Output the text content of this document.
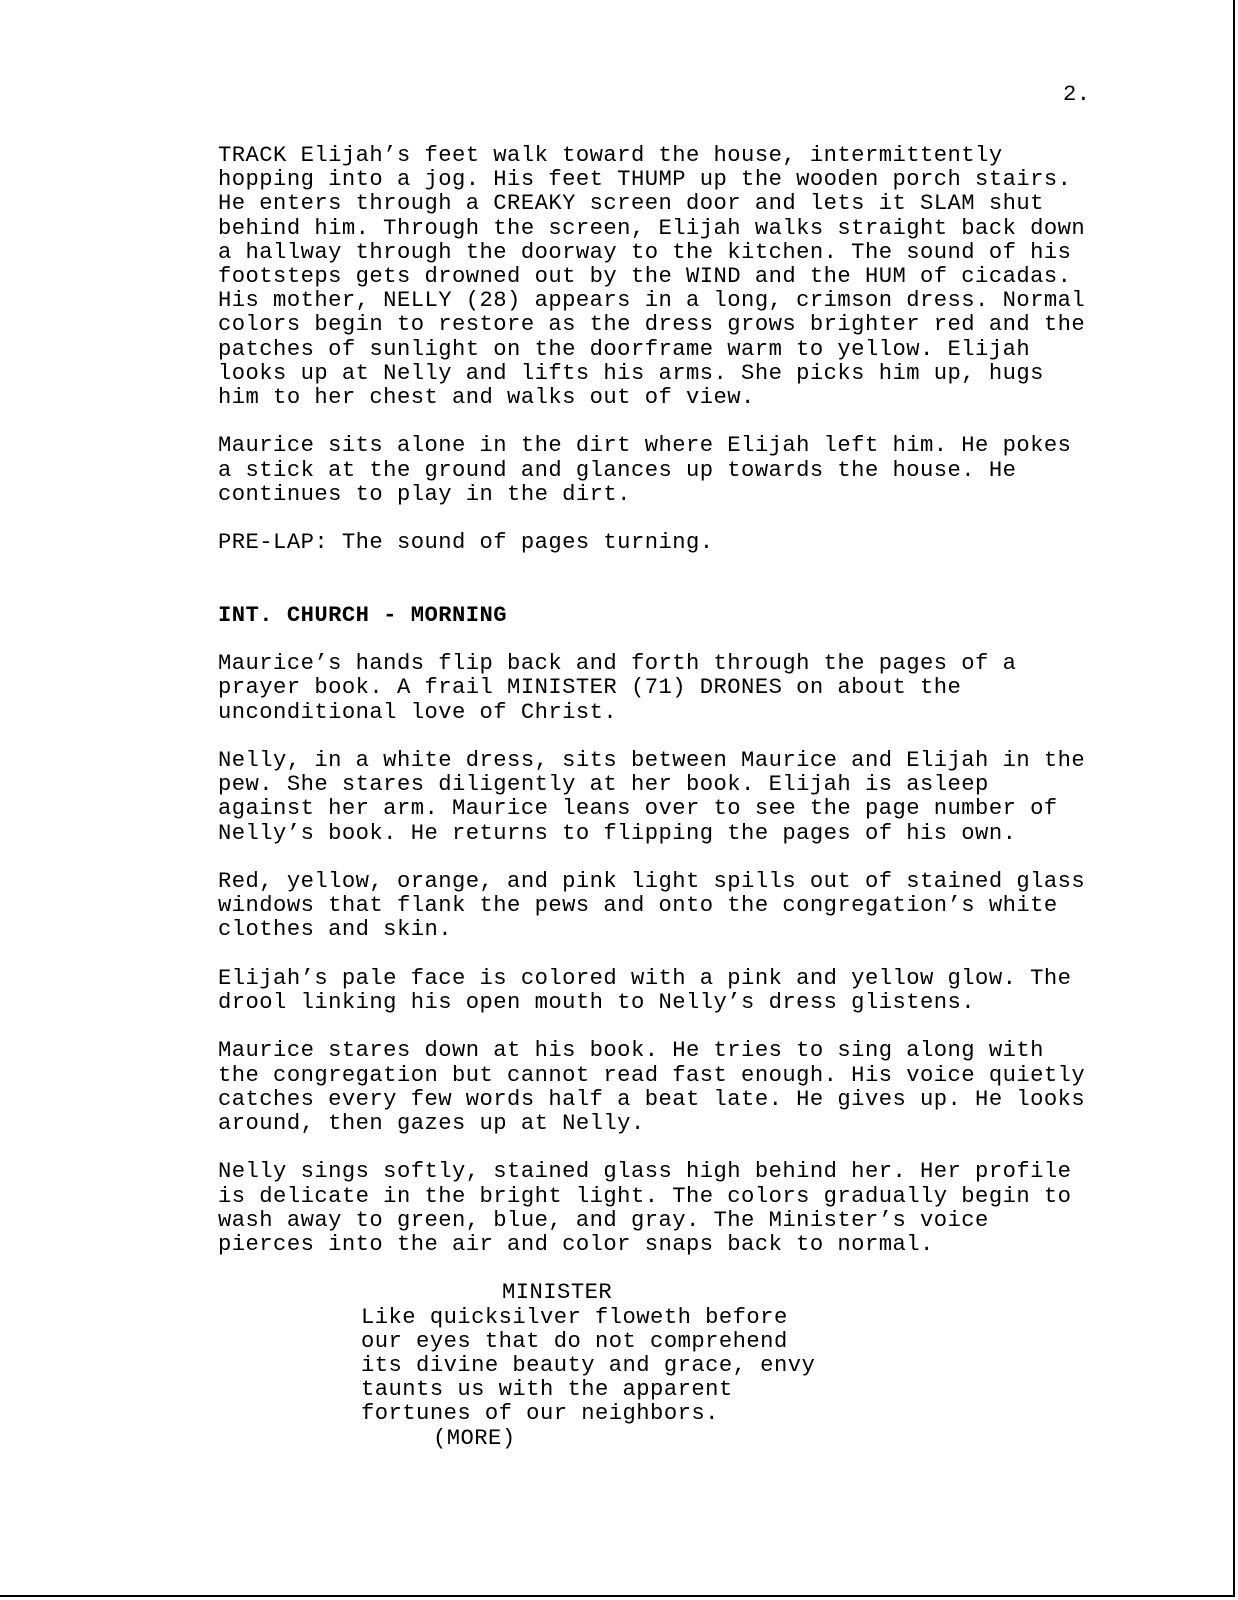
2.
TRACK Elijah’s feet walk toward the house, intermittently
hopping into a jog. His feet THUMP up the wooden porch stairs.
He enters through a CREAKY screen door and lets it SLAM shut
behind him. Through the screen, Elijah walks straight back down
a hallway through the doorway to the kitchen. The sound of his
footsteps gets drowned out by the WIND and the HUM of cicadas.
His mother, NELLY (28) appears in a long, crimson dress. Normal
colors begin to restore as the dress grows brighter red and the
patches of sunlight on the doorframe warm to yellow. Elijah
looks up at Nelly and lifts his arms. She picks him up, hugs
him to her chest and walks out of view.
Maurice sits alone in the dirt where Elijah left him. He pokes
a stick at the ground and glances up towards the house. He
continues to play in the dirt.
PRE-LAP: The sound of pages turning.
INT. CHURCH - MORNING
Maurice’s hands flip back and forth through the pages of a
prayer book. A frail MINISTER (71) DRONES on about the
unconditional love of Christ.
Nelly, in a white dress, sits between Maurice and Elijah in the
pew. She stares diligently at her book. Elijah is asleep
against her arm. Maurice leans over to see the page number of
Nelly’s book. He returns to flipping the pages of his own.
Red, yellow, orange, and pink light spills out of stained glass
windows that flank the pews and onto the congregation’s white
clothes and skin.
Elijah’s pale face is colored with a pink and yellow glow. The
drool linking his open mouth to Nelly’s dress glistens.
Maurice stares down at his book. He tries to sing along with
the congregation but cannot read fast enough. His voice quietly
catches every few words half a beat late. He gives up. He looks
around, then gazes up at Nelly.
Nelly sings softly, stained glass high behind her. Her profile
is delicate in the bright light. The colors gradually begin to
wash away to green, blue, and gray. The Minister’s voice
pierces into the air and color snaps back to normal.
MINISTER
Like quicksilver floweth before
our eyes that do not comprehend
its divine beauty and grace, envy
taunts us with the apparent
fortunes of our neighbors.
(MORE)
